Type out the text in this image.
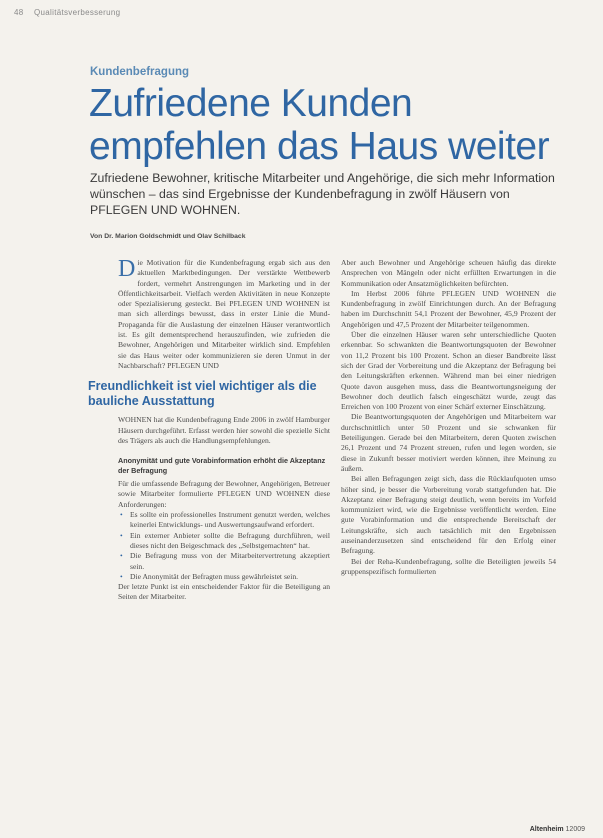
48 Qualitätsverbesserung
Kundenbefragung
Zufriedene Kunden
empfehlen das Haus weiter

Zufriedene Bewohner, kritische Mitarbeiter und Angehörige, die sich mehr Information wünschen – das sind Ergebnisse der Kundenbefragung in zwölf Häusern von PFLEGEN UND WOHNEN.

Von Dr. Marion Goldschmidt und Olav Schilback

Die Motivation für die Kundenbefragung ergab sich aus den aktuellen Marktbedingungen. Der verstärkte Wettbewerb fordert, vermehrt Anstrengungen im Marketing und in der Öffentlichkeitsarbeit. Vielfach werden Aktivitäten in neue Konzepte oder Spezialisierung gesteckt. Bei PFLEGEN UND WOHNEN ist man sich allerdings bewusst, dass in erster Linie die Mund-Propaganda für die Auslastung der einzelnen Häuser verantwortlich ist. Es gilt dementsprechend herauszufinden, wie zufrieden die Bewohner, Angehörigen und Mitarbeiter wirklich sind. Empfehlen sie das Haus weiter oder kommunizieren sie deren Unmut in der Nachbarschaft? PFLEGEN UND

Freundlichkeit ist viel wichtiger als die bauliche Ausstattung

WOHNEN hat die Kundenbefragung Ende 2006 in zwölf Hamburger Häusern durchgeführt. Erfasst werden hier sowohl die spezielle Sicht des Trägers als auch die Handlungsempfehlungen.

Anonymität und gute Vorabinformation erhöht die Akzeptanz der Befragung

Für die umfassende Befragung der Bewohner, Angehörigen, Betreuer sowie Mitarbeiter formulierte PFLEGEN UND WOHNEN diese Anforderungen:

• Es sollte ein professionelles Instrument genutzt werden, welches keinerlei Entwicklungs- und Auswertungsaufwand erfordert.
• Ein externer Anbieter sollte die Befragung durchführen, weil dieses nicht den Beigeschmack des „Selbstgemachten“ hat.
• Die Befragung muss von der Mitarbeitervertretung akzeptiert sein.
• Die Anonymität der Befragten muss gewährleistet sein.

Der letzte Punkt ist ein entscheidender Faktor für die Beteiligung an Seiten der Mitarbeiter.

Aber auch Bewohner und Angehörige scheuen häufig das direkte Ansprechen von Mängeln oder nicht erfüllten Erwartungen in die Kommunikation oder Ansatzmöglichkeiten befürchten.

Im Herbst 2006 führte PFLEGEN UND WOHNEN die Kundenbefragung in zwölf Einrichtungen durch. An der Befragung haben im Durchschnitt 54,1 Prozent der Bewohner, 45,9 Prozent der Angehörigen und 47,5 Prozent der Mitarbeiter teilgenommen.

Über die einzelnen Häuser waren sehr unterschiedliche Quoten erkennbar. So schwankten die Beantwortungsquoten der Bewohner von 11,2 Prozent bis 100 Prozent. Schon an dieser Bandbreite lässt sich der Grad der Vorbereitung und die Akzeptanz der Befragung bei den Leitungskräften erkennen. Während man bei einer niedrigen Quote davon ausgehen muss, dass die Beantwortungsneigung der Bewohner doch deutlich falsch eingeschätzt wurde, zeugt das Erreichen von 100 Prozent von einer Schärf externer Einschätzung.

Die Beantwortungsquoten der Angehörigen und Mitarbeitern war durchschnittlich unter 50 Prozent und sie schwanken für Beteiligungen. Gerade bei den Mitarbeitern, deren Quoten zwischen 26,1 Prozent und 74 Prozent streuen, rufen und legen worden, sie diese in Zukunft besser motiviert werden können, ihre Meinung zu äußern.

Bei allen Befragungen zeigt sich, dass die Rücklaufquoten umso höher sind, je besser die Vorbereitung vorab stattgefunden hat. Die Akzeptanz einer Befragung steigt deutlich, wenn bereits im Vorfeld kommuniziert wird, wie die Ergebnisse veröffentlicht werden. Eine gute Vorabinformation und die entsprechende Bereitschaft der Leitungskräfte, sich auch tatsächlich mit den Ergebnissen auseinanderzusetzen sind entscheidend für den Erfolg einer Befragung.

Bei der Reha-Kundenbefragung, sollte die Beteiligten jeweils 54 gruppenspezifisch formulierten

Altenheim 12009
